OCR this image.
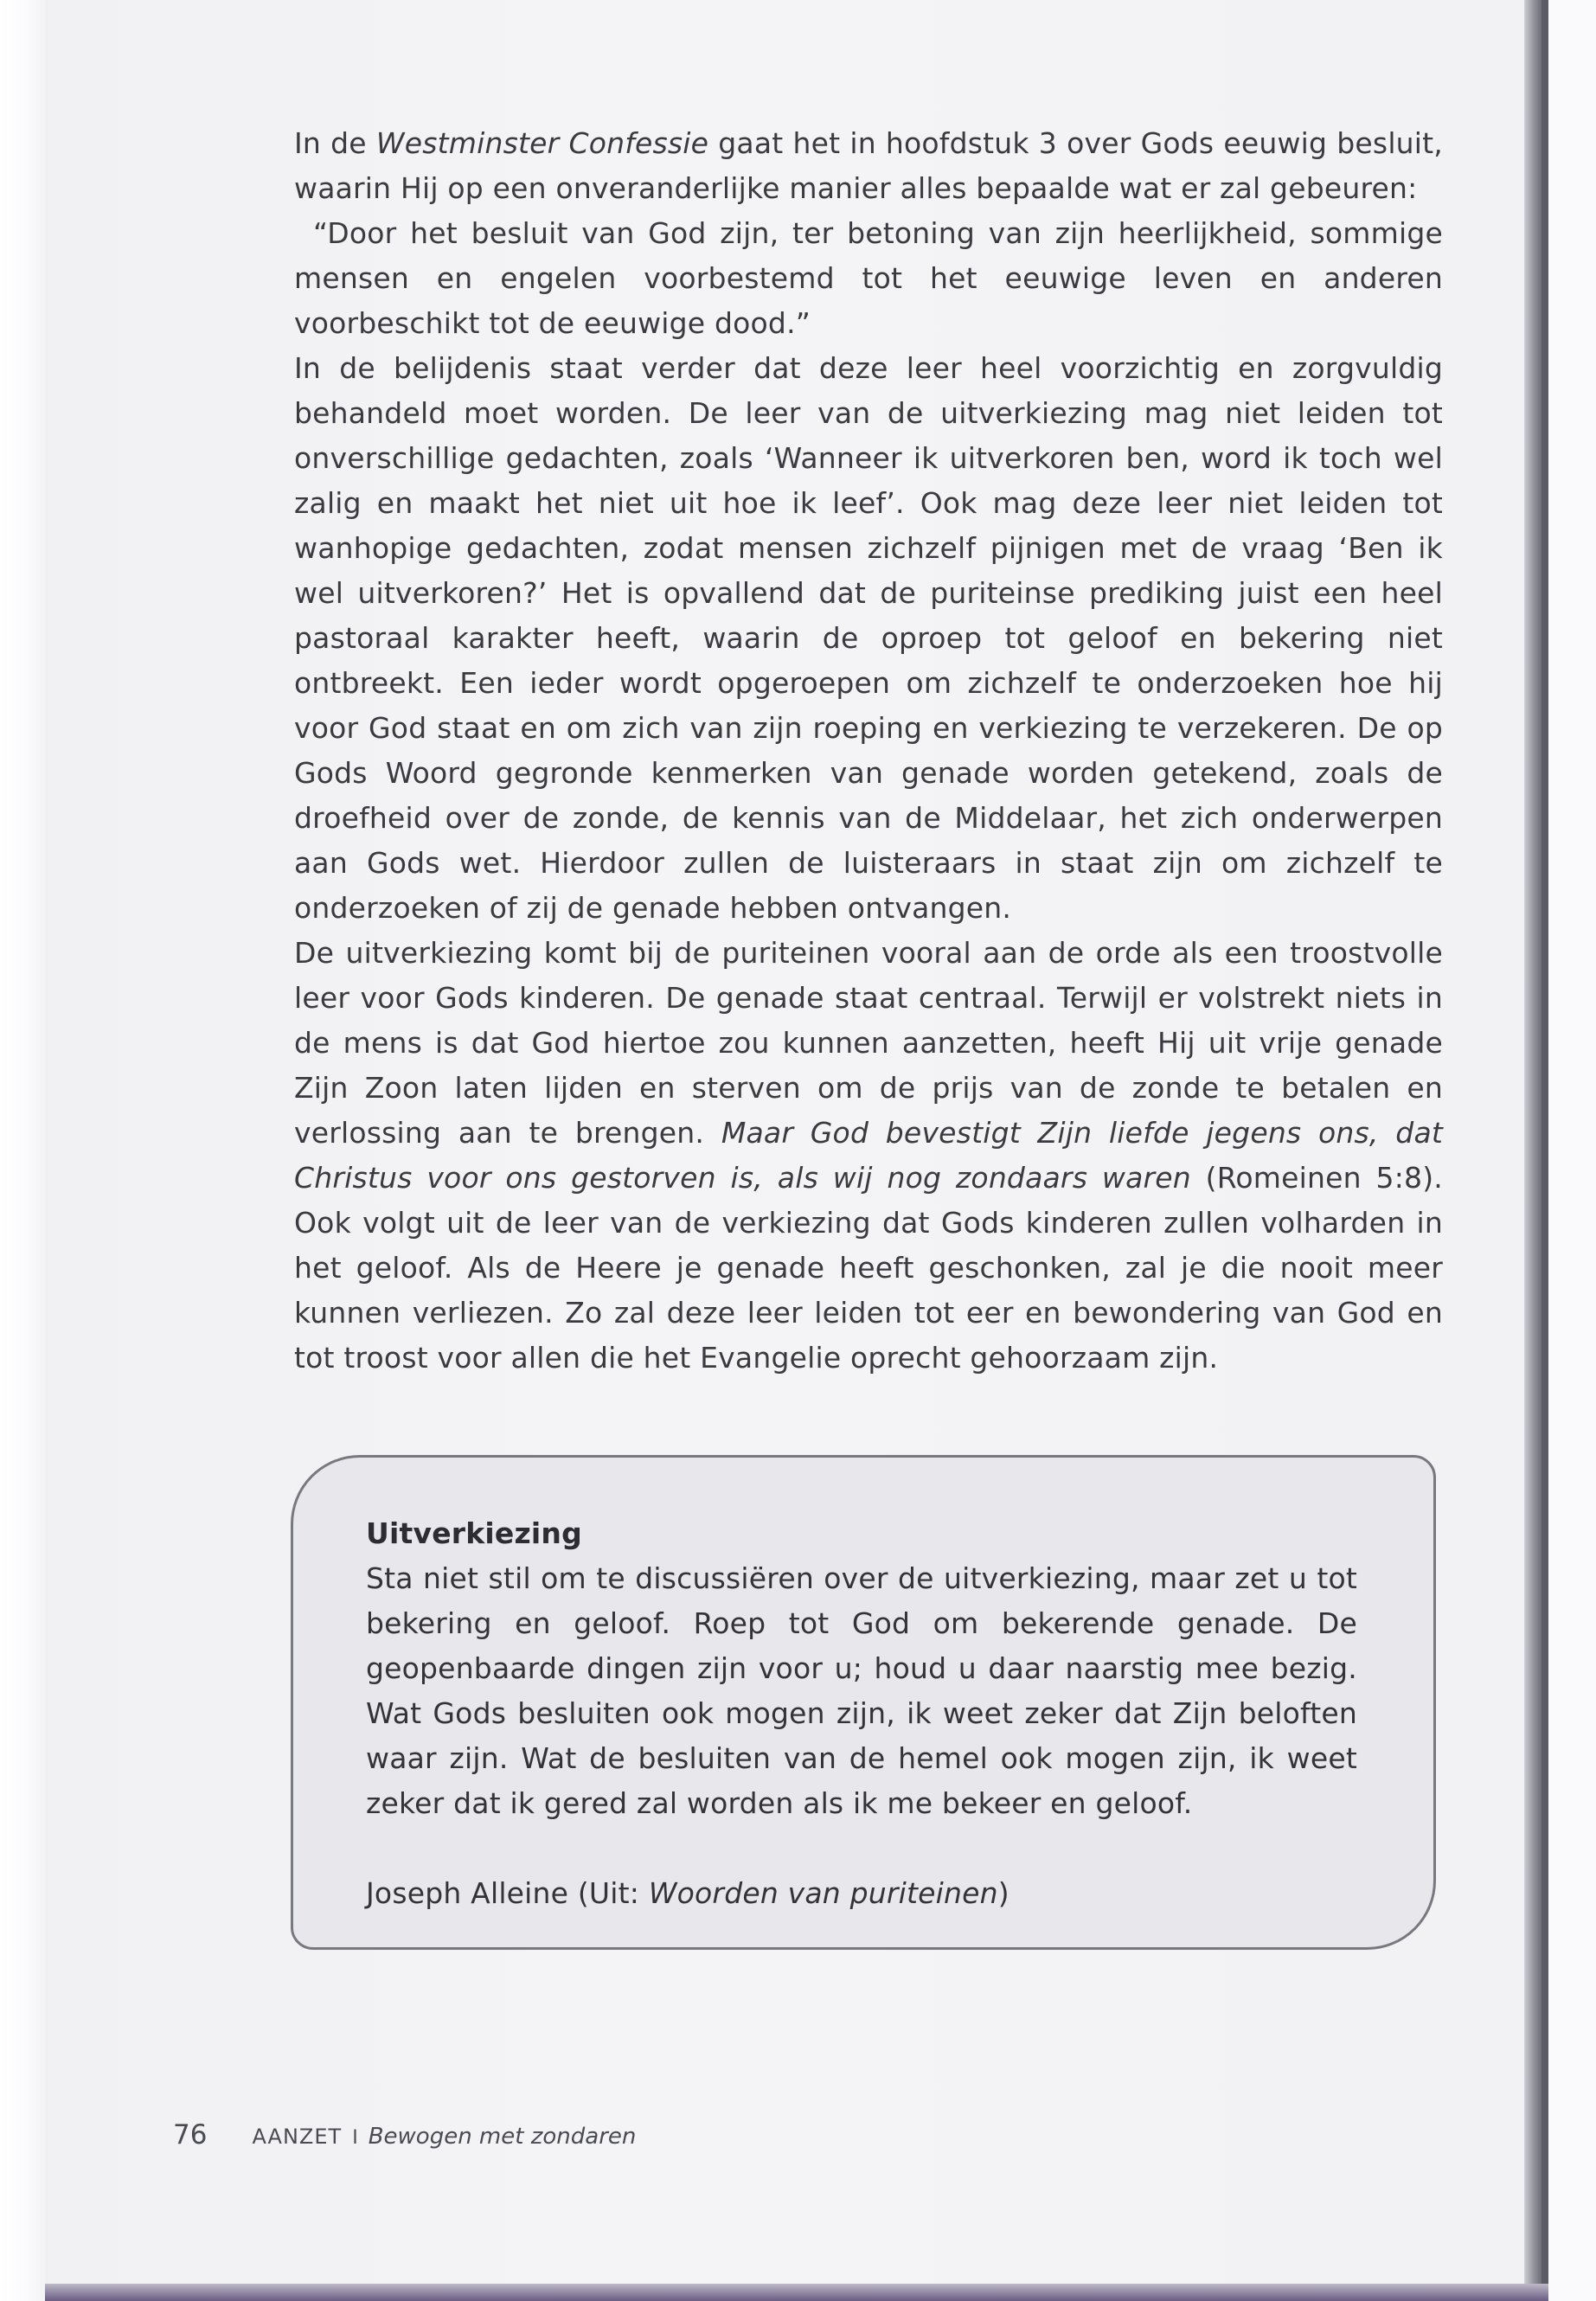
In de Westminster Confessie gaat het in hoofdstuk 3 over Gods eeuwig besluit, waarin Hij op een onveranderlijke manier alles bepaalde wat er zal gebeuren:

“Door het besluit van God zijn, ter betoning van zijn heerlijkheid, sommige mensen en engelen voorbestemd tot het eeuwige leven en anderen voorbeschikt tot de eeuwige dood.”

In de belijdenis staat verder dat deze leer heel voorzichtig en zorgvuldig behandeld moet worden. De leer van de uitverkiezing mag niet leiden tot onverschillige gedachten, zoals ‘Wanneer ik uitverkoren ben, word ik toch wel zalig en maakt het niet uit hoe ik leef’. Ook mag deze leer niet leiden tot wanhopige gedachten, zodat mensen zichzelf pijnigen met de vraag ‘Ben ik wel uitverkoren?’ Het is opvallend dat de puriteinse prediking juist een heel pastoraal karakter heeft, waarin de oproep tot geloof en bekering niet ontbreekt. Een ieder wordt opgeroepen om zichzelf te onderzoeken hoe hij voor God staat en om zich van zijn roeping en verkiezing te verzekeren. De op Gods Woord gegronde kenmerken van genade worden getekend, zoals de droefheid over de zonde, de kennis van de Middelaar, het zich onderwerpen aan Gods wet. Hierdoor zullen de luisteraars in staat zijn om zichzelf te onderzoeken of zij de genade hebben ontvangen.

De uitverkiezing komt bij de puriteinen vooral aan de orde als een troostvolle leer voor Gods kinderen. De genade staat centraal. Terwijl er volstrekt niets in de mens is dat God hiertoe zou kunnen aanzetten, heeft Hij uit vrije genade Zijn Zoon laten lijden en sterven om de prijs van de zonde te betalen en verlossing aan te brengen. Maar God bevestigt Zijn liefde jegens ons, dat Christus voor ons gestorven is, als wij nog zondaars waren (Romeinen 5:8). Ook volgt uit de leer van de verkiezing dat Gods kinderen zullen volharden in het geloof. Als de Heere je genade heeft geschonken, zal je die nooit meer kunnen verliezen. Zo zal deze leer leiden tot eer en bewondering van God en tot troost voor allen die het Evangelie oprecht gehoorzaam zijn.

Uitverkiezing

Sta niet stil om te discussiëren over de uitverkiezing, maar zet u tot bekering en geloof. Roep tot God om bekerende genade. De geopenbaarde dingen zijn voor u; houd u daar naarstig mee bezig. Wat Gods besluiten ook mogen zijn, ik weet zeker dat Zijn beloften waar zijn. Wat de besluiten van de hemel ook mogen zijn, ik weet zeker dat ik gered zal worden als ik me bekeer en geloof.

Joseph Alleine (Uit: Woorden van puriteinen)
76 AANZET I Bewogen met zondaren
